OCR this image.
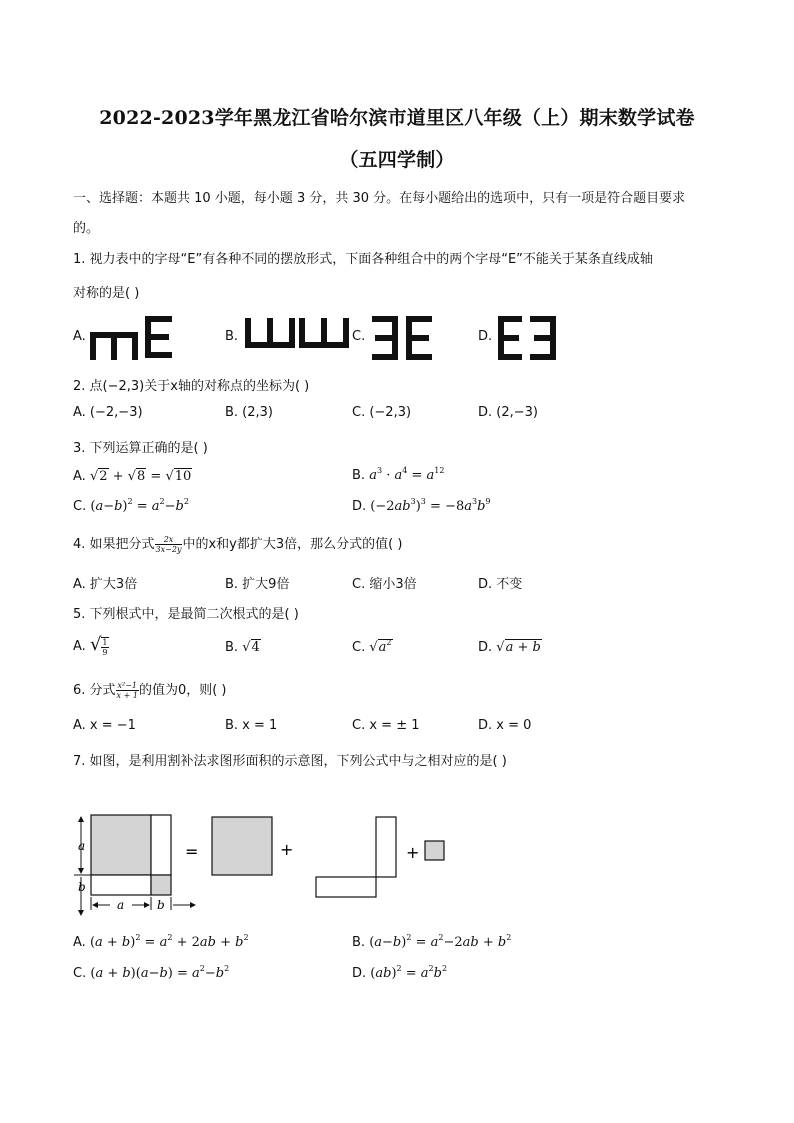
2022-2023学年黑龙江省哈尔滨市道里区八年级（上）期末数学试卷
（五四学制）
一、选择题：本题共 10 小题，每小题 3 分，共 30 分。在每小题给出的选项中，只有一项是符合题目要求
的。
1. 视力表中的字母“E”有各种不同的摆放形式，下面各种组合中的两个字母“E”不能关于某条直线成轴
对称的是( )
A.	B.	C.	D.
2. 点(−2,3)关于x轴的对称点的坐标为( )
A. (−2,−3)	B. (2,3)	C. (−2,3)	D. (2,−3)
3. 下列运算正确的是( )
A. √2 + √8 = √10	B. $a^3 \cdot a^4 = a^{12}$
C. $(a-b)^2 = a^2-b^2$	D. $(-2ab^3)^3 = -8a^3b^9$
4. 如果把分式 $\frac{2x}{3x-2y}$ 中的x和y都扩大3倍，那么分式的值( )
A. 扩大3倍	B. 扩大9倍	C. 缩小3倍	D. 不变
5. 下列根式中，是最简二次根式的是( )
A. √ $\frac{1}{9}$	B. √4	C. $√a^2$	D. √a + b
6. 分式 $\frac{\text{x²−1}}{x + 1}$ 的值为0，则( )
A. x = −1	B. x = 1	C. x = ± 1	D. x = 0
7. 如图，是利用割补法求图形面积的示意图，下列公式中与之相对应的是( )
a
b
a	b
=	+	+
A. $(a + b)^2 = a^2 + 2ab + b^2$	B. $(a-b)^2 = a^2-2ab + b^2$
C. $(a + b)(a-b) = a^2-b^2$	D. $(ab)^2 = a^2b^2$
